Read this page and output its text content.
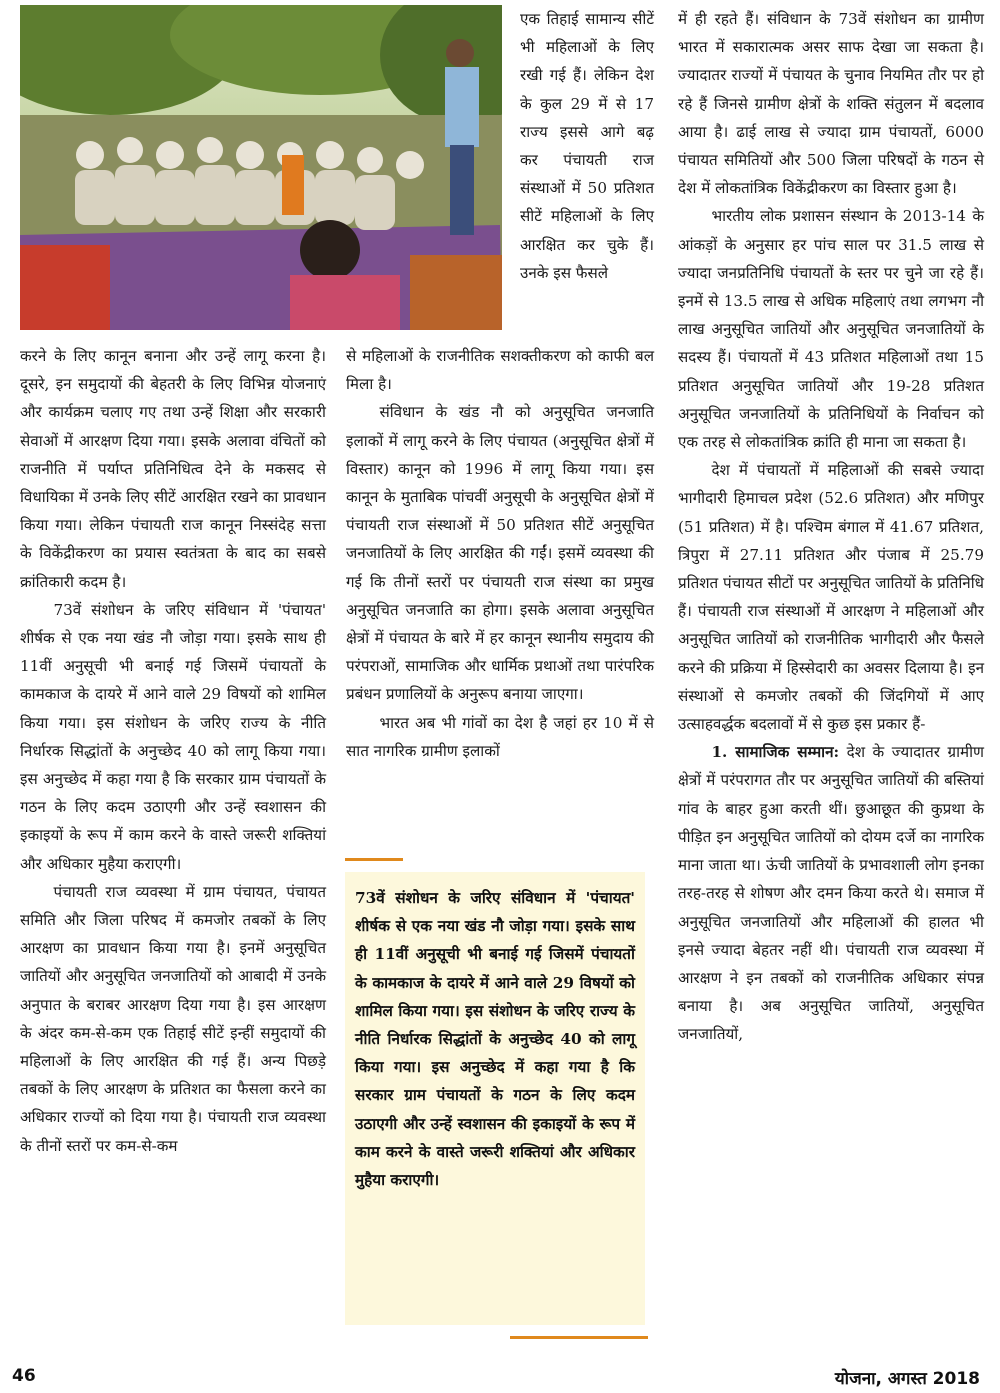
एक तिहाई सामान्य सीटें भी महिलाओं के लिए रखी गई हैं। लेकिन देश के कुल 29 में से 17 राज्य इससे आगे बढ़ कर पंचायती राज संस्थाओं में 50 प्रतिशत सीटें महिलाओं के लिए आरक्षित कर चुके हैं। उनके इस फैसले

करने के लिए कानून बनाना और उन्हें लागू करना है। दूसरे, इन समुदायों की बेहतरी के लिए विभिन्न योजनाएं और कार्यक्रम चलाए गए तथा उन्हें शिक्षा और सरकारी सेवाओं में आरक्षण दिया गया। इसके अलावा वंचितों को राजनीति में पर्याप्त प्रतिनिधित्व देने के मकसद से विधायिका में उनके लिए सीटें आरक्षित रखने का प्रावधान किया गया। लेकिन पंचायती राज कानून निस्संदेह सत्ता के विकेंद्रीकरण का प्रयास स्वतंत्रता के बाद का सबसे क्रांतिकारी कदम है।

73वें संशोधन के जरिए संविधान में 'पंचायत' शीर्षक से एक नया खंड नौ जोड़ा गया। इसके साथ ही 11वीं अनुसूची भी बनाई गई जिसमें पंचायतों के कामकाज के दायरे में आने वाले 29 विषयों को शामिल किया गया। इस संशोधन के जरिए राज्य के नीति निर्धारक सिद्धांतों के अनुच्छेद 40 को लागू किया गया। इस अनुच्छेद में कहा गया है कि सरकार ग्राम पंचायतों के गठन के लिए कदम उठाएगी और उन्हें स्वशासन की इकाइयों के रूप में काम करने के वास्ते जरूरी शक्तियां और अधिकार मुहैया कराएगी।

पंचायती राज व्यवस्था में ग्राम पंचायत, पंचायत समिति और जिला परिषद में कमजोर तबकों के लिए आरक्षण का प्रावधान किया गया है। इनमें अनुसूचित जातियों और अनुसूचित जनजातियों को आबादी में उनके अनुपात के बराबर आरक्षण दिया गया है। इस आरक्षण के अंदर कम-से-कम एक तिहाई सीटें इन्हीं समुदायों की महिलाओं के लिए आरक्षित की गई हैं। अन्य पिछड़े तबकों के लिए आरक्षण के प्रतिशत का फैसला करने का अधिकार राज्यों को दिया गया है। पंचायती राज व्यवस्था के तीनों स्तरों पर कम-से-कम

से महिलाओं के राजनीतिक सशक्तीकरण को काफी बल मिला है।

संविधान के खंड नौ को अनुसूचित जनजाति इलाकों में लागू करने के लिए पंचायत (अनुसूचित क्षेत्रों में विस्तार) कानून को 1996 में लागू किया गया। इस कानून के मुताबिक पांचवीं अनुसूची के अनुसूचित क्षेत्रों में पंचायती राज संस्थाओं में 50 प्रतिशत सीटें अनुसूचित जनजातियों के लिए आरक्षित की गईं। इसमें व्यवस्था की गई कि तीनों स्तरों पर पंचायती राज संस्था का प्रमुख अनुसूचित जनजाति का होगा। इसके अलावा अनुसूचित क्षेत्रों में पंचायत के बारे में हर कानून स्थानीय समुदाय की परंपराओं, सामाजिक और धार्मिक प्रथाओं तथा पारंपरिक प्रबंधन प्रणालियों के अनुरूप बनाया जाएगा।

भारत अब भी गांवों का देश है जहां हर 10 में से सात नागरिक ग्रामीण इलाकों

73वें संशोधन के जरिए संविधान में 'पंचायत' शीर्षक से एक नया खंड नौ जोड़ा गया। इसके साथ ही 11वीं अनुसूची भी बनाई गई जिसमें पंचायतों के कामकाज के दायरे में आने वाले 29 विषयों को शामिल किया गया। इस संशोधन के जरिए राज्य के नीति निर्धारक सिद्धांतों के अनुच्छेद 40 को लागू किया गया। इस अनुच्छेद में कहा गया है कि सरकार ग्राम पंचायतों के गठन के लिए कदम उठाएगी और उन्हें स्वशासन की इकाइयों के रूप में काम करने के वास्ते जरूरी शक्तियां और अधिकार मुहैया कराएगी।

में ही रहते हैं। संविधान के 73वें संशोधन का ग्रामीण भारत में सकारात्मक असर साफ देखा जा सकता है। ज्यादातर राज्यों में पंचायत के चुनाव नियमित तौर पर हो रहे हैं जिनसे ग्रामीण क्षेत्रों के शक्ति संतुलन में बदलाव आया है। ढाई लाख से ज्यादा ग्राम पंचायतों, 6000 पंचायत समितियों और 500 जिला परिषदों के गठन से देश में लोकतांत्रिक विकेंद्रीकरण का विस्तार हुआ है।

भारतीय लोक प्रशासन संस्थान के 2013-14 के आंकड़ों के अनुसार हर पांच साल पर 31.5 लाख से ज्यादा जनप्रतिनिधि पंचायतों के स्तर पर चुने जा रहे हैं। इनमें से 13.5 लाख से अधिक महिलाएं तथा लगभग नौ लाख अनुसूचित जातियों और अनुसूचित जनजातियों के सदस्य हैं। पंचायतों में 43 प्रतिशत महिलाओं तथा 15 प्रतिशत अनुसूचित जातियों और 19-28 प्रतिशत अनुसूचित जनजातियों के प्रतिनिधियों के निर्वाचन को एक तरह से लोकतांत्रिक क्रांति ही माना जा सकता है।

देश में पंचायतों में महिलाओं की सबसे ज्यादा भागीदारी हिमाचल प्रदेश (52.6 प्रतिशत) और मणिपुर (51 प्रतिशत) में है। पश्चिम बंगाल में 41.67 प्रतिशत, त्रिपुरा में 27.11 प्रतिशत और पंजाब में 25.79 प्रतिशत पंचायत सीटों पर अनुसूचित जातियों के प्रतिनिधि हैं। पंचायती राज संस्थाओं में आरक्षण ने महिलाओं और अनुसूचित जातियों को राजनीतिक भागीदारी और फैसले करने की प्रक्रिया में हिस्सेदारी का अवसर दिलाया है। इन संस्थाओं से कमजोर तबकों की जिंदगियों में आए उत्साहवर्द्धक बदलावों में से कुछ इस प्रकार हैं-

1. सामाजिक सम्मान: देश के ज्यादातर ग्रामीण क्षेत्रों में परंपरागत तौर पर अनुसूचित जातियों की बस्तियां गांव के बाहर हुआ करती थीं। छुआछूत की कुप्रथा के पीड़ित इन अनुसूचित जातियों को दोयम दर्जे का नागरिक माना जाता था। ऊंची जातियों के प्रभावशाली लोग इनका तरह-तरह से शोषण और दमन किया करते थे। समाज में अनुसूचित जनजातियों और महिलाओं की हालत भी इनसे ज्यादा बेहतर नहीं थी। पंचायती राज व्यवस्था में आरक्षण ने इन तबकों को राजनीतिक अधिकार संपन्न बनाया है। अब अनुसूचित जातियों, अनुसूचित जनजातियों,

46	योजना, अगस्त 2018
